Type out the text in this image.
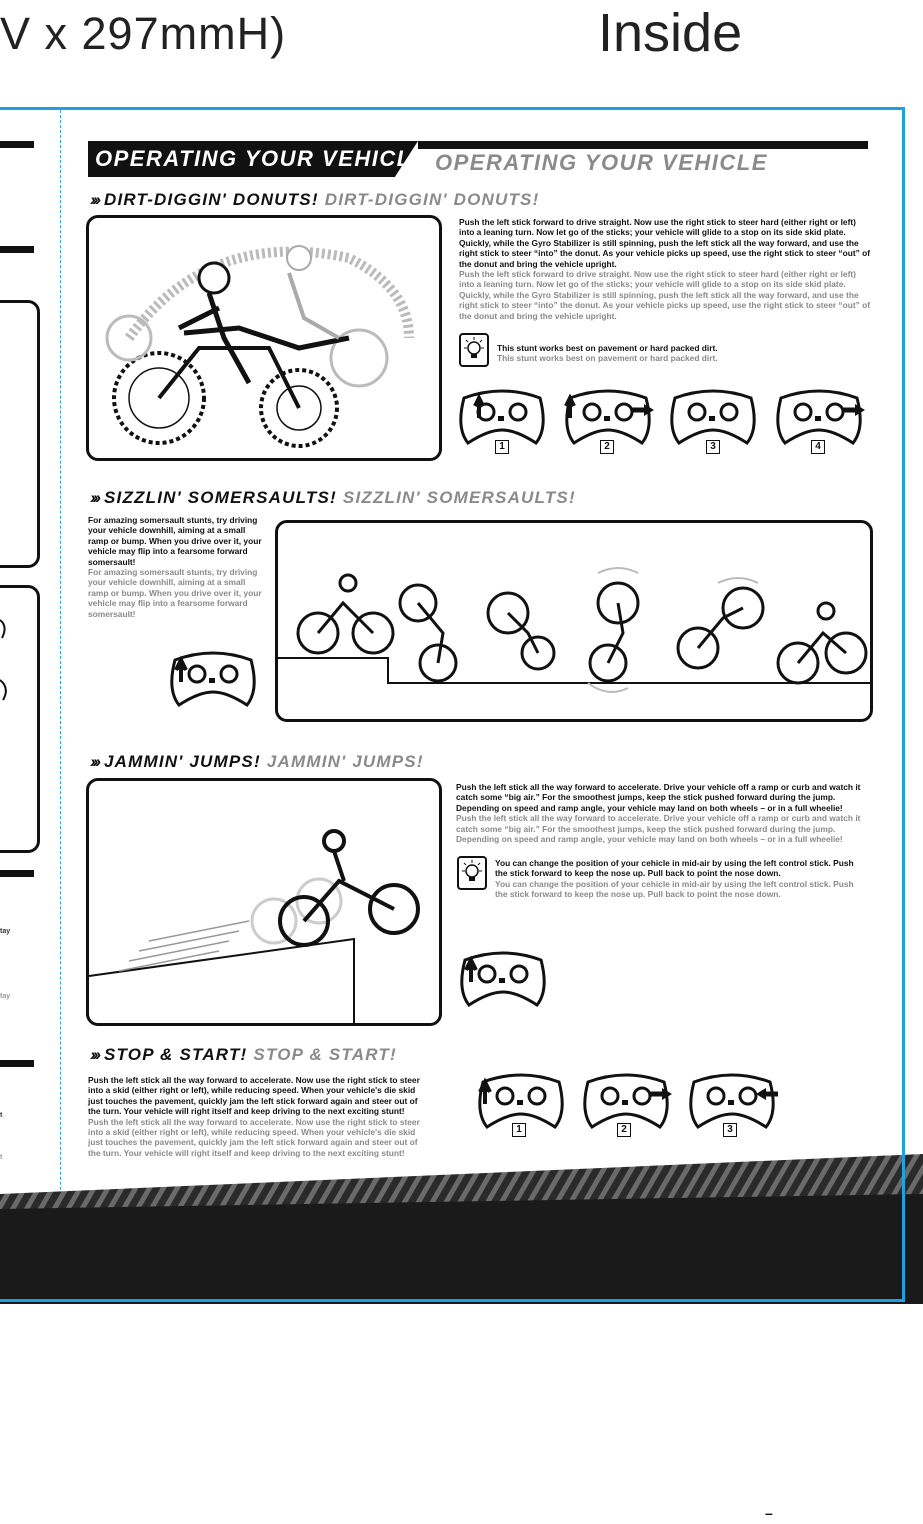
V x 297mmH)	Inside
tay
tay
t
t
OPERATING YOUR VEHICLE OPERATING YOUR VEHICLE
››› DIRT-DIGGIN' DONUTS! DIRT-DIGGIN' DONUTS!
Push the left stick forward to drive straight. Now use the right stick to steer hard (either right or left) into a leaning turn. Now let go of the sticks; your vehicle will glide to a stop on its side skid plate. Quickly, while the Gyro Stabilizer is still spinning, push the left stick all the way forward, and use the right stick to steer “into” the donut. As your vehicle picks up speed, use the right stick to steer “out” of the donut and bring the vehicle upright.
Push the left stick forward to drive straight. Now use the right stick to steer hard (either right or left) into a leaning turn. Now let go of the sticks; your vehicle will glide to a stop on its side skid plate. Quickly, while the Gyro Stabilizer is still spinning, push the left stick all the way forward, and use the right stick to steer “into” the donut. As your vehicle picks up speed, use the right stick to steer “out” of the donut and bring the vehicle upright.
This stunt works best on pavement or hard packed dirt.
This stunt works best on pavement or hard packed dirt.
1	2	3	4
››› SIZZLIN' SOMERSAULTS! SIZZLIN' SOMERSAULTS!
For amazing somersault stunts, try driving your vehicle downhill, aiming at a small ramp or bump. When you drive over it, your vehicle may flip into a fearsome forward somersault!
For amazing somersault stunts, try driving your vehicle downhill, aiming at a small ramp or bump. When you drive over it, your vehicle may flip into a fearsome forward somersault!
››› JAMMIN' JUMPS! JAMMIN' JUMPS!
Push the left stick all the way forward to accelerate. Drive your vehicle off a ramp or curb and watch it catch some “big air.” For the smoothest jumps, keep the stick pushed forward during the jump. Depending on speed and ramp angle, your vehicle may land on both wheels – or in a full wheelie!
Push the left stick all the way forward to accelerate. Drive your vehicle off a ramp or curb and watch it catch some “big air.” For the smoothest jumps, keep the stick pushed forward during the jump. Depending on speed and ramp angle, your vehicle may land on both wheels – or in a full wheelie!
You can change the position of your cehicle in mid-air by using the left control stick. Push the stick forward to keep the nose up. Pull back to point the nose down.
You can change the position of your cehicle in mid-air by using the left control stick. Push the stick forward to keep the nose up. Pull back to point the nose down.
››› STOP & START! STOP & START!
Push the left stick all the way forward to accelerate. Now use the right stick to steer into a skid (either right or left), while reducing speed. When your vehicle's die skid just touches the pavement, quickly jam the left stick forward again and steer out of the turn. Your vehicle will right itself and keep driving to the next exciting stunt!
Push the left stick all the way forward to accelerate. Now use the right stick to steer into a skid (either right or left), while reducing speed. When your vehicle's die skid just touches the pavement, quickly jam the left stick forward again and steer out of the turn. Your vehicle will right itself and keep driving to the next exciting stunt!
1	2	3
–
